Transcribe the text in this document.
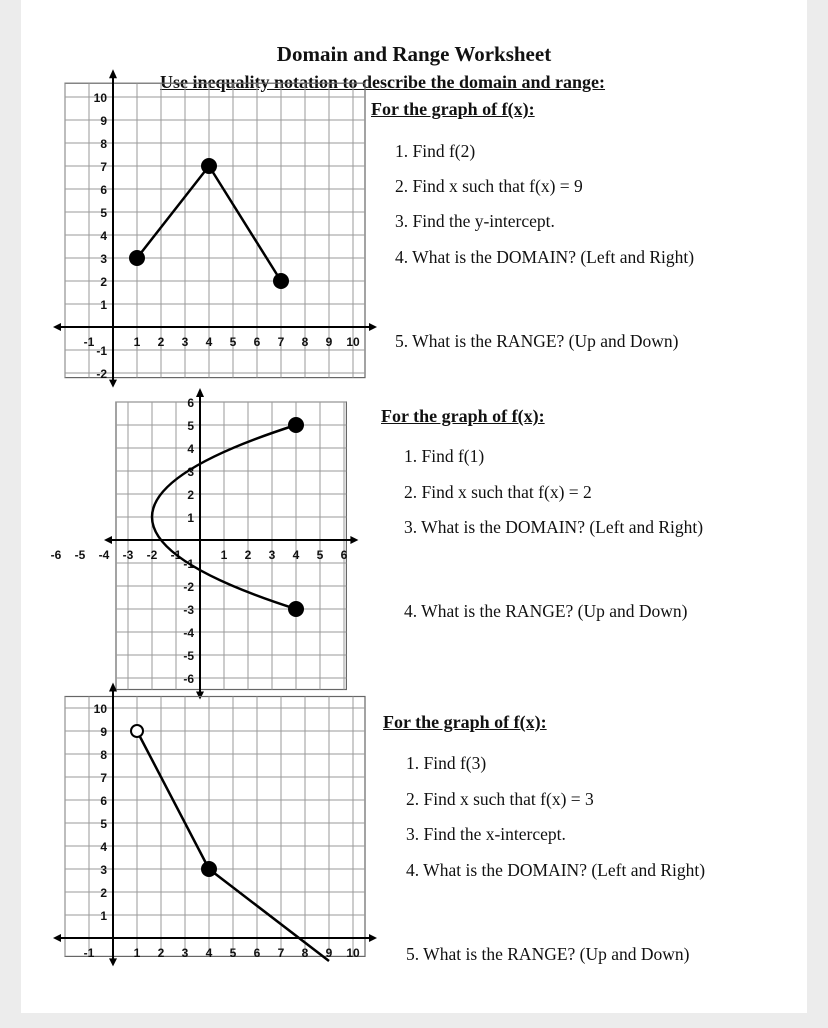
Domain and Range Worksheet
Use inequality notation to describe the domain and range:
For the graph of f(x):
1. Find f(2)
2. Find x such that f(x) = 9
3. Find the y-intercept.
4. What is the DOMAIN? (Left and Right)
5. What is the RANGE? (Up and Down)
For the graph of f(x):
1. Find f(1)
2. Find x such that f(x) = 2
3. What is the DOMAIN? (Left and Right)
4. What is the RANGE? (Up and Down)
For the graph of f(x):
1. Find f(3)
2. Find x such that f(x) = 3
3. Find the x-intercept.
4. What is the DOMAIN? (Left and Right)
5. What is the RANGE? (Up and Down)
-1	1 2 3 4 5 6 7 8 9 10
10
9
8
7
6
5
4
3
2
1
-1
-2
-6 -5 -4 -3 -2 -1	1 2 3 4 5 6
6
5
4
3
2
1
-1
-2
-3
-4
-5
-6
-1	1 2 3 4 5 6 7 8 9 10
10
9
8
7
6
5
4
3
2
1
